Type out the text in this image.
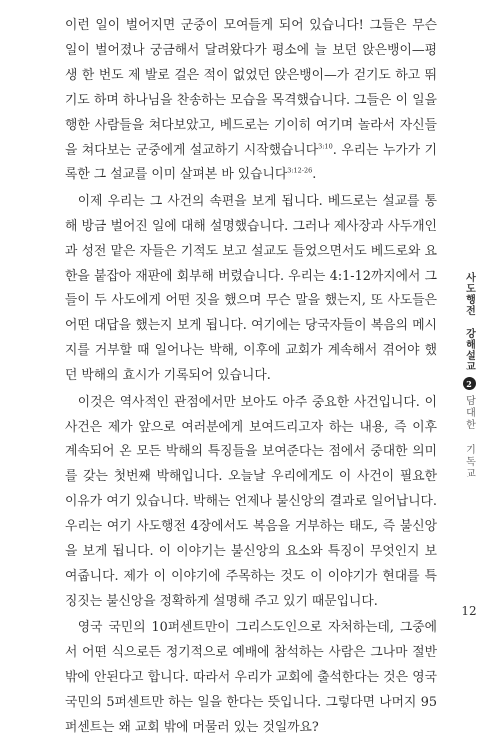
이런 일이 벌어지면 군중이 모여들게 되어 있습니다! 그들은 무슨 일이 벌어졌나 궁금해서 달려왔다가 평소에 늘 보던 앉은뱅이—평생 한 번도 제 발로 걸은 적이 없었던 앉은뱅이—가 걷기도 하고 뛰기도 하며 하나님을 찬송하는 모습을 목격했습니다. 그들은 이 일을 행한 사람들을 쳐다보았고, 베드로는 기이히 여기며 놀라서 자신들을 쳐다보는 군중에게 설교하기 시작했습니다$^{3:10}$. 우리는 누가가 기록한 그 설교를 이미 살펴본 바 있습니다$^{3:12-26}$.

이제 우리는 그 사건의 속편을 보게 됩니다. 베드로는 설교를 통해 방금 벌어진 일에 대해 설명했습니다. 그러나 제사장과 사두개인과 성전 맡은 자들은 기적도 보고 설교도 들었으면서도 베드로와 요한을 붙잡아 재판에 회부해 버렸습니다. 우리는 4:1-12까지에서 그들이 두 사도에게 어떤 짓을 했으며 무슨 말을 했는지, 또 사도들은 어떤 대답을 했는지 보게 됩니다. 여기에는 당국자들이 복음의 메시지를 거부할 때 일어나는 박해, 이후에 교회가 계속해서 겪어야 했던 박해의 효시가 기록되어 있습니다.

이것은 역사적인 관점에서만 보아도 아주 중요한 사건입니다. 이 사건은 제가 앞으로 여러분에게 보여드리고자 하는 내용, 즉 이후 계속되어 온 모든 박해의 특징들을 보여준다는 점에서 중대한 의미를 갖는 첫번째 박해입니다. 오늘날 우리에게도 이 사건이 필요한 이유가 여기 있습니다. 박해는 언제나 불신앙의 결과로 일어납니다. 우리는 여기 사도행전 4장에서도 복음을 거부하는 태도, 즉 불신앙을 보게 됩니다. 이 이야기는 불신앙의 요소와 특징이 무엇인지 보여줍니다. 제가 이 이야기에 주목하는 것도 이 이야기가 현대를 특징짓는 불신앙을 정확하게 설명해 주고 있기 때문입니다.

영국 국민의 10퍼센트만이 그리스도인으로 자처하는데, 그중에서 어떤 식으로든 정기적으로 예배에 참석하는 사람은 그나마 절반밖에 안된다고 합니다. 따라서 우리가 교회에 출석한다는 것은 영국 국민의 5퍼센트만 하는 일을 한다는 뜻입니다. 그렇다면 나머지 95퍼센트는 왜 교회 밖에 머물러 있는 것일까요?

사도행전 강해설교
2
담대한 기독교
12
